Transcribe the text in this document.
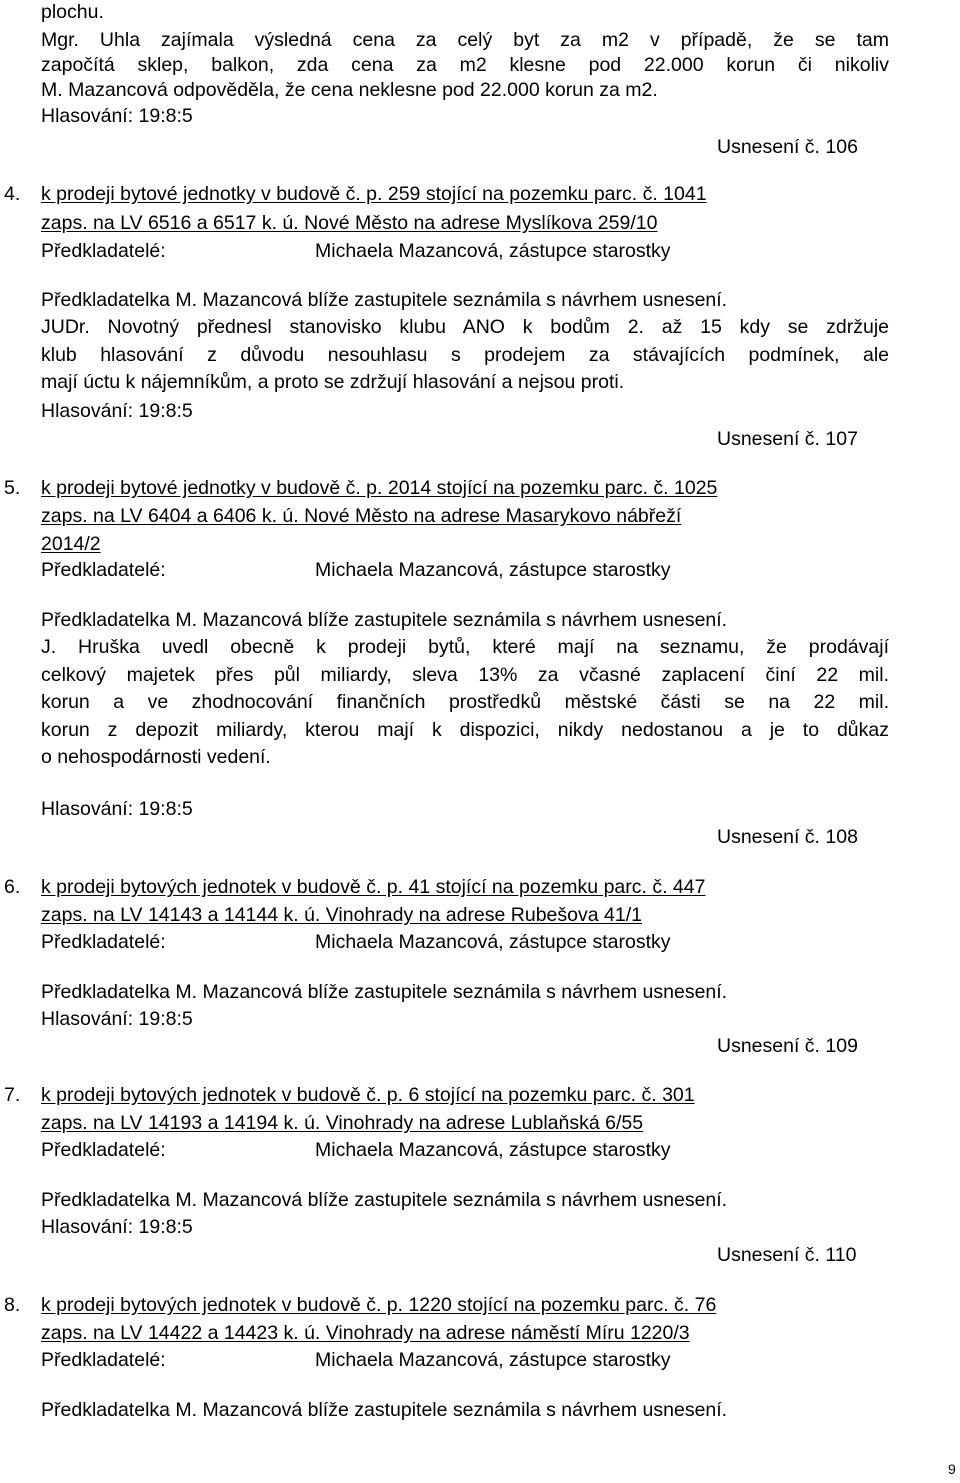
plochu.
Mgr. Uhla zajímala výsledná cena za celý byt za m2 v případě, že se tam
započítá sklep, balkon, zda cena za m2 klesne pod 22.000 korun či nikoliv
M. Mazancová odpověděla, že cena neklesne pod 22.000 korun za m2.
Hlasování: 19:8:5
Usnesení č. 106
4. k prodeji bytové jednotky v budově č. p. 259 stojící na pozemku parc. č. 1041
zaps. na LV 6516 a 6517 k. ú. Nové Město na adrese Myslíkova 259/10
Předkladatelé:	Michaela Mazancová, zástupce starostky
Předkladatelka M. Mazancová blíže zastupitele seznámila s návrhem usnesení.
JUDr. Novotný přednesl stanovisko klubu ANO k bodům 2. až 15 kdy se zdržuje
klub hlasování z důvodu nesouhlasu s prodejem za stávajících podmínek, ale
mají úctu k nájemníkům, a proto se zdržují hlasování a nejsou proti.
Hlasování: 19:8:5
Usnesení č. 107
5. k prodeji bytové jednotky v budově č. p. 2014 stojící na pozemku parc. č. 1025
zaps. na LV 6404 a 6406 k. ú. Nové Město na adrese Masarykovo nábřeží
2014/2
Předkladatelé:	Michaela Mazancová, zástupce starostky
Předkladatelka M. Mazancová blíže zastupitele seznámila s návrhem usnesení.
J. Hruška uvedl obecně k prodeji bytů, které mají na seznamu, že prodávají
celkový majetek přes půl miliardy, sleva 13% za včasné zaplacení činí 22 mil.
korun a ve zhodnocování finančních prostředků městské části se na 22 mil.
korun z depozit miliardy, kterou mají k dispozici, nikdy nedostanou a je to důkaz
o nehospodárnosti vedení.
Hlasování: 19:8:5
Usnesení č. 108
6. k prodeji bytových jednotek v budově č. p. 41 stojící na pozemku parc. č. 447
zaps. na LV 14143 a 14144 k. ú. Vinohrady na adrese Rubešova 41/1
Předkladatelé:	Michaela Mazancová, zástupce starostky
Předkladatelka M. Mazancová blíže zastupitele seznámila s návrhem usnesení.
Hlasování: 19:8:5
Usnesení č. 109
7. k prodeji bytových jednotek v budově č. p. 6 stojící na pozemku parc. č. 301
zaps. na LV 14193 a 14194 k. ú. Vinohrady na adrese Lublaňská 6/55
Předkladatelé:	Michaela Mazancová, zástupce starostky
Předkladatelka M. Mazancová blíže zastupitele seznámila s návrhem usnesení.
Hlasování: 19:8:5
Usnesení č. 110
8. k prodeji bytových jednotek v budově č. p. 1220 stojící na pozemku parc. č. 76
zaps. na LV 14422 a 14423 k. ú. Vinohrady na adrese náměstí Míru 1220/3
Předkladatelé:	Michaela Mazancová, zástupce starostky
Předkladatelka M. Mazancová blíže zastupitele seznámila s návrhem usnesení.
9
